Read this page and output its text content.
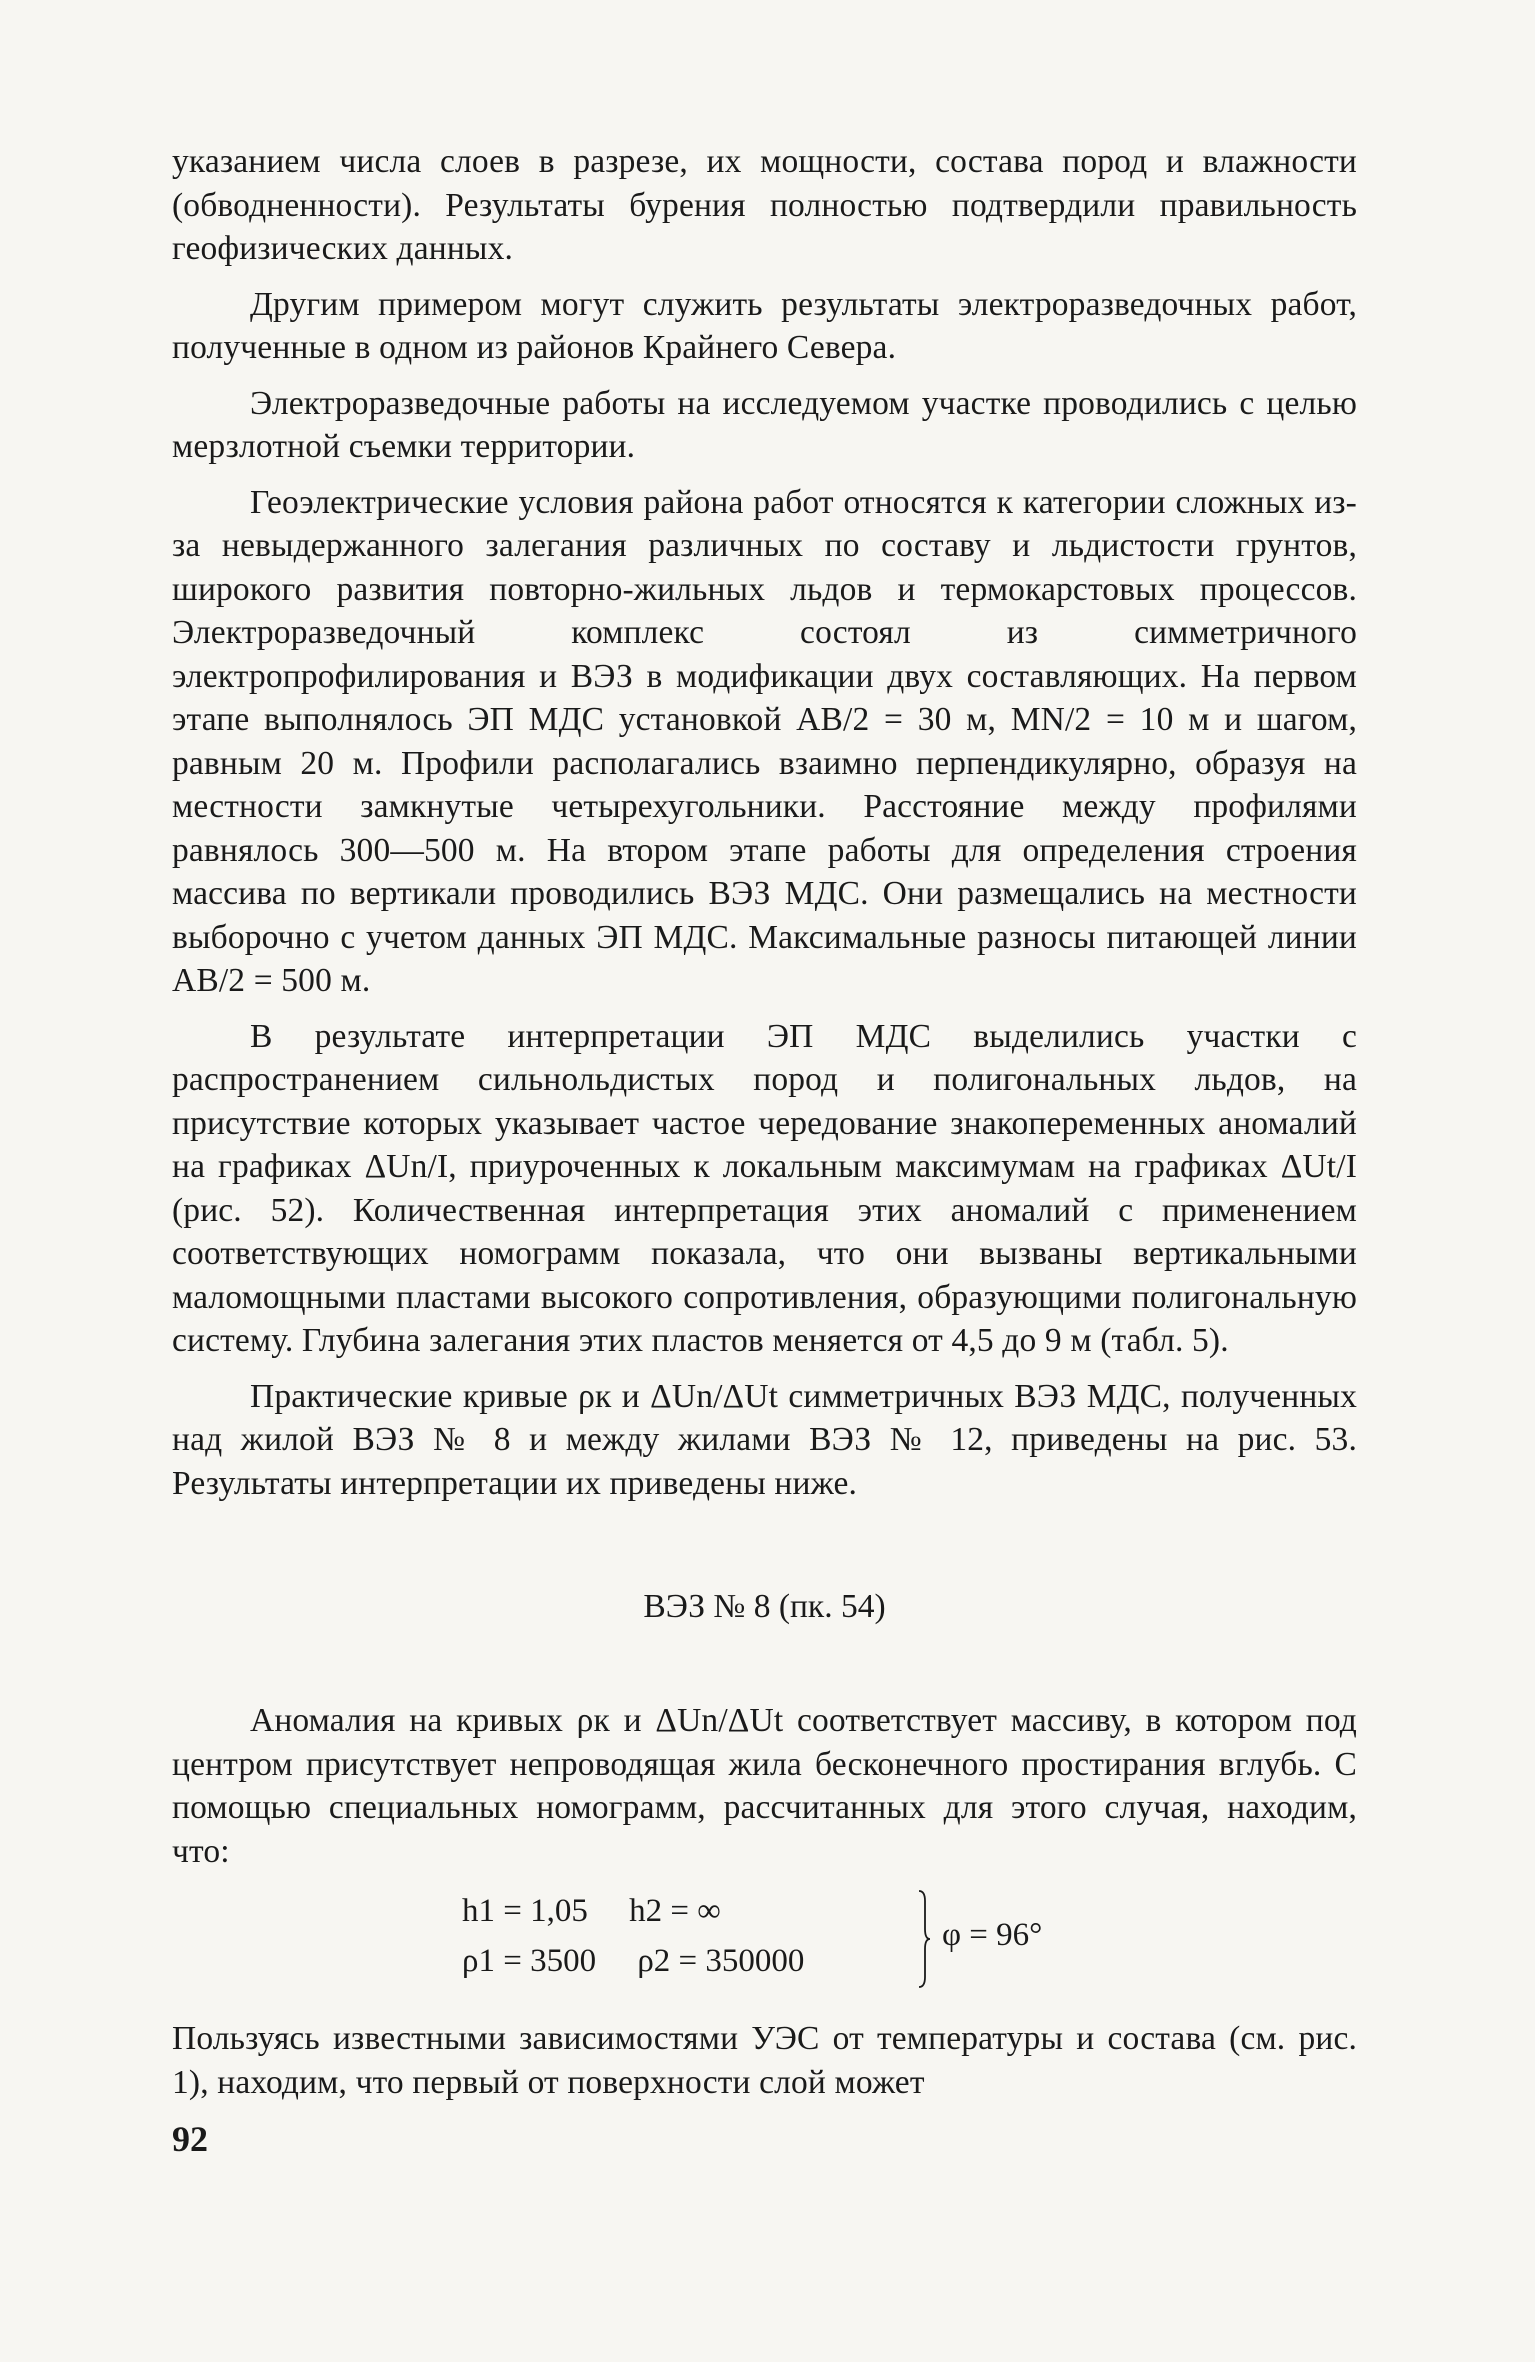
указанием числа слоев в разрезе, их мощности, состава пород и влажности (обводненности). Результаты бурения полностью подтвердили правильность геофизических данных.

Другим примером могут служить результаты электроразведочных работ, полученные в одном из районов Крайнего Севера.

Электроразведочные работы на исследуемом участке проводились с целью мерзлотной съемки территории.

Геоэлектрические условия района работ относятся к категории сложных из-за невыдержанного залегания различных по составу и льдистости грунтов, широкого развития повторно-жильных льдов и термокарстовых процессов. Электроразведочный комплекс состоял из симметричного электропрофилирования и ВЭЗ в модификации двух составляющих. На первом этапе выполнялось ЭП МДС установкой AB/2 = 30 м, MN/2 = 10 м и шагом, равным 20 м. Профили располагались взаимно перпендикулярно, образуя на местности замкнутые четырехугольники. Расстояние между профилями равнялось 300—500 м. На втором этапе работы для определения строения массива по вертикали проводились ВЭЗ МДС. Они размещались на местности выборочно с учетом данных ЭП МДС. Максимальные разносы питающей линии AB/2 = 500 м.

В результате интерпретации ЭП МДС выделились участки с распространением сильнольдистых пород и полигональных льдов, на присутствие которых указывает частое чередование знакопеременных аномалий на графиках ΔUn/I, приуроченных к локальным максимумам на графиках ΔUt/I (рис. 52). Количественная интерпретация этих аномалий с применением соответствующих номограмм показала, что они вызваны вертикальными маломощными пластами высокого сопротивления, образующими полигональную систему. Глубина залегания этих пластов меняется от 4,5 до 9 м (табл. 5).

Практические кривые ρк и ΔUn/ΔUt симметричных ВЭЗ МДС, полученных над жилой ВЭЗ № 8 и между жилами ВЭЗ № 12, приведены на рис. 53. Результаты интерпретации их приведены ниже.

ВЭЗ № 8 (пк. 54)

Аномалия на кривых ρк и ΔUn/ΔUt соответствует массиву, в котором под центром присутствует непроводящая жила бесконечного простирания вглубь. С помощью специальных номограмм, рассчитанных для этого случая, находим, что:

h1 = 1,05     h2 = ∞
ρ1 = 3500     ρ2 = 350000
φ = 96°

Пользуясь известными зависимостями УЭС от температуры и состава (см. рис. 1), находим, что первый от поверхности слой может

92
